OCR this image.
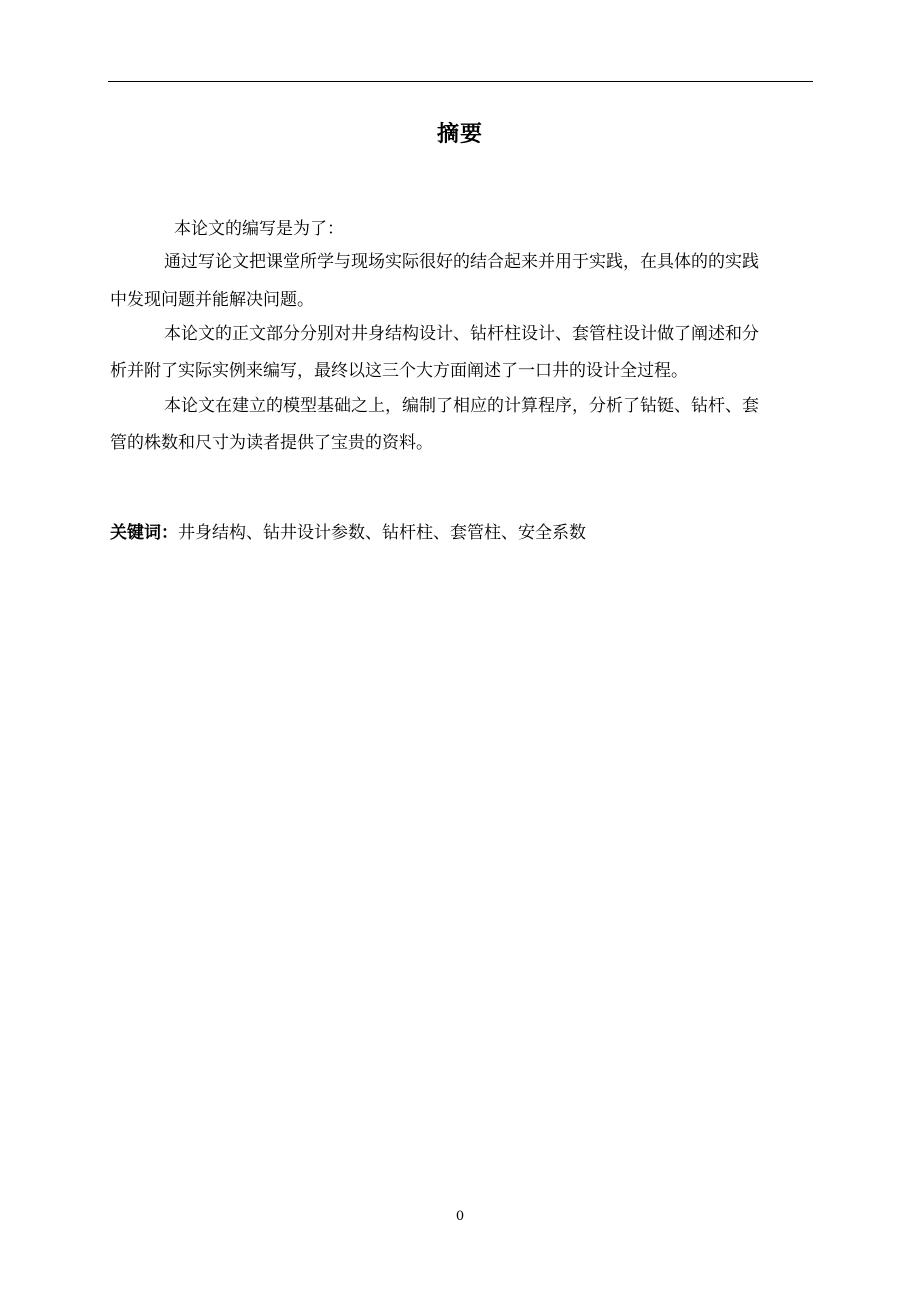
摘要

本论文的编写是为了：

通过写论文把课堂所学与现场实际很好的结合起来并用于实践，在具体的的实践

中发现问题并能解决问题。

本论文的正文部分分别对井身结构设计、钻杆柱设计、套管柱设计做了阐述和分

析并附了实际实例来编写，最终以这三个大方面阐述了一口井的设计全过程。

本论文在建立的模型基础之上，编制了相应的计算程序，分析了钻铤、钻杆、套

管的株数和尺寸为读者提供了宝贵的资料。

关键词：井身结构、钻井设计参数、钻杆柱、套管柱、安全系数
0
